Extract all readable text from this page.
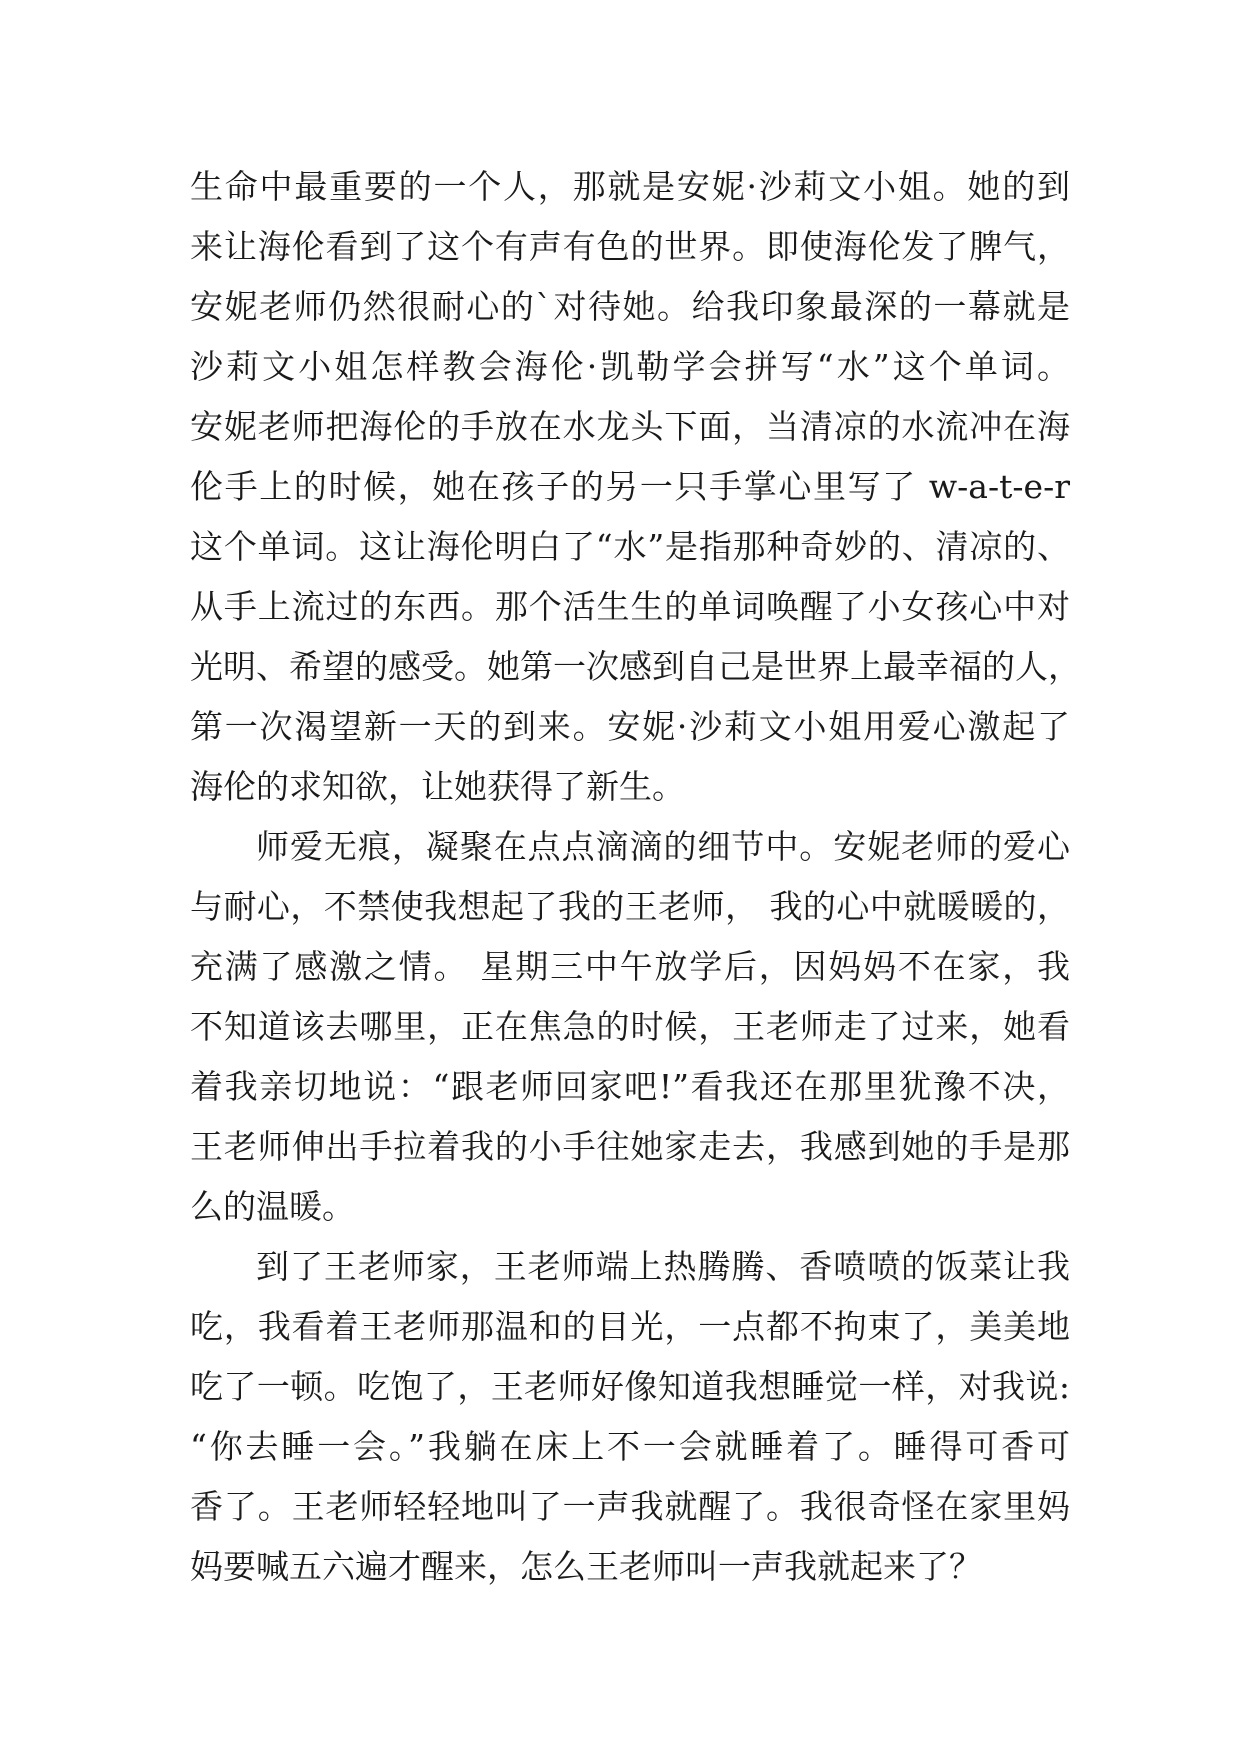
生命中最重要的一个人，那就是安妮·沙莉文小姐。她的到
来让海伦看到了这个有声有色的世界。即使海伦发了脾气，
安妮老师仍然很耐心的`对待她。给我印象最深的一幕就是
沙莉文小姐怎样教会海伦·凯勒学会拼写“水”这个单词。
安妮老师把海伦的手放在水龙头下面，当清凉的水流冲在海
伦手上的时候，她在孩子的另一只手掌心里写了 w-a-t-e-r
这个单词。这让海伦明白了“水”是指那种奇妙的、清凉的、
从手上流过的东西。那个活生生的单词唤醒了小女孩心中对
光明、希望的感受。她第一次感到自己是世界上最幸福的人，
第一次渴望新一天的到来。安妮·沙莉文小姐用爱心激起了
海伦的求知欲，让她获得了新生。
师爱无痕，凝聚在点点滴滴的细节中。安妮老师的爱心
与耐心，不禁使我想起了我的王老师， 我的心中就暖暖的，
充满了感激之情。 星期三中午放学后，因妈妈不在家，我
不知道该去哪里，正在焦急的时候，王老师走了过来，她看
着我亲切地说：“跟老师回家吧!”看我还在那里犹豫不决，
王老师伸出手拉着我的小手往她家走去，我感到她的手是那
么的温暖。
到了王老师家，王老师端上热腾腾、香喷喷的饭菜让我
吃，我看着王老师那温和的目光，一点都不拘束了，美美地
吃了一顿。吃饱了，王老师好像知道我想睡觉一样，对我说:
“你去睡一会。”我躺在床上不一会就睡着了。睡得可香可
香了。王老师轻轻地叫了一声我就醒了。我很奇怪在家里妈
妈要喊五六遍才醒来，怎么王老师叫一声我就起来了？
